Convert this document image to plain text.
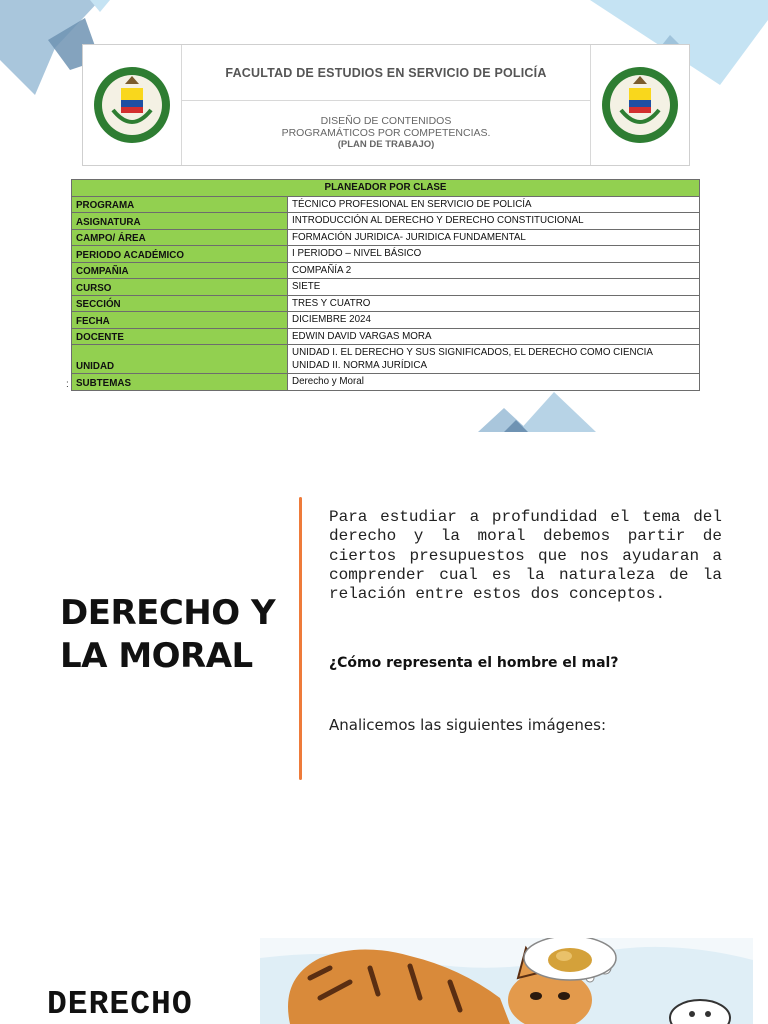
FACULTAD DE ESTUDIOS EN SERVICIO DE POLICÍA
DISEÑO DE CONTENIDOS
PROGRAMÁTICOS POR COMPETENCIAS.
(PLAN DE TRABAJO)
PLANEADOR POR CLASE	
PROGRAMA	TÉCNICO PROFESIONAL EN SERVICIO DE POLICÍA
ASIGNATURA	INTRODUCCIÓN AL DERECHO Y DERECHO CONSTITUCIONAL
CAMPO/ ÁREA	FORMACIÓN JURIDICA- JURIDICA FUNDAMENTAL
PERIODO ACADÉMICO	I PERIODO – NIVEL BÁSICO
COMPAÑIA	COMPAÑÍA 2
CURSO	SIETE
SECCIÓN	TRES Y CUATRO
FECHA	DICIEMBRE 2024
DOCENTE	EDWIN DAVID VARGAS MORA
UNIDAD	UNIDAD I. EL DERECHO Y SUS SIGNIFICADOS, EL DERECHO COMO CIENCIA
UNIDAD II. NORMA JURÍDICA

SUBTEMAS	Derecho y Moral
:
DERECHO Y
LA MORAL
Para estudiar a profundidad el tema del derecho y la moral debemos partir de ciertos presupuestos que nos ayudaran a comprender cual es la naturaleza de la relación entre estos dos conceptos.
¿Cómo representa el hombre el mal?
Analicemos las siguientes imágenes:
DERECHO
